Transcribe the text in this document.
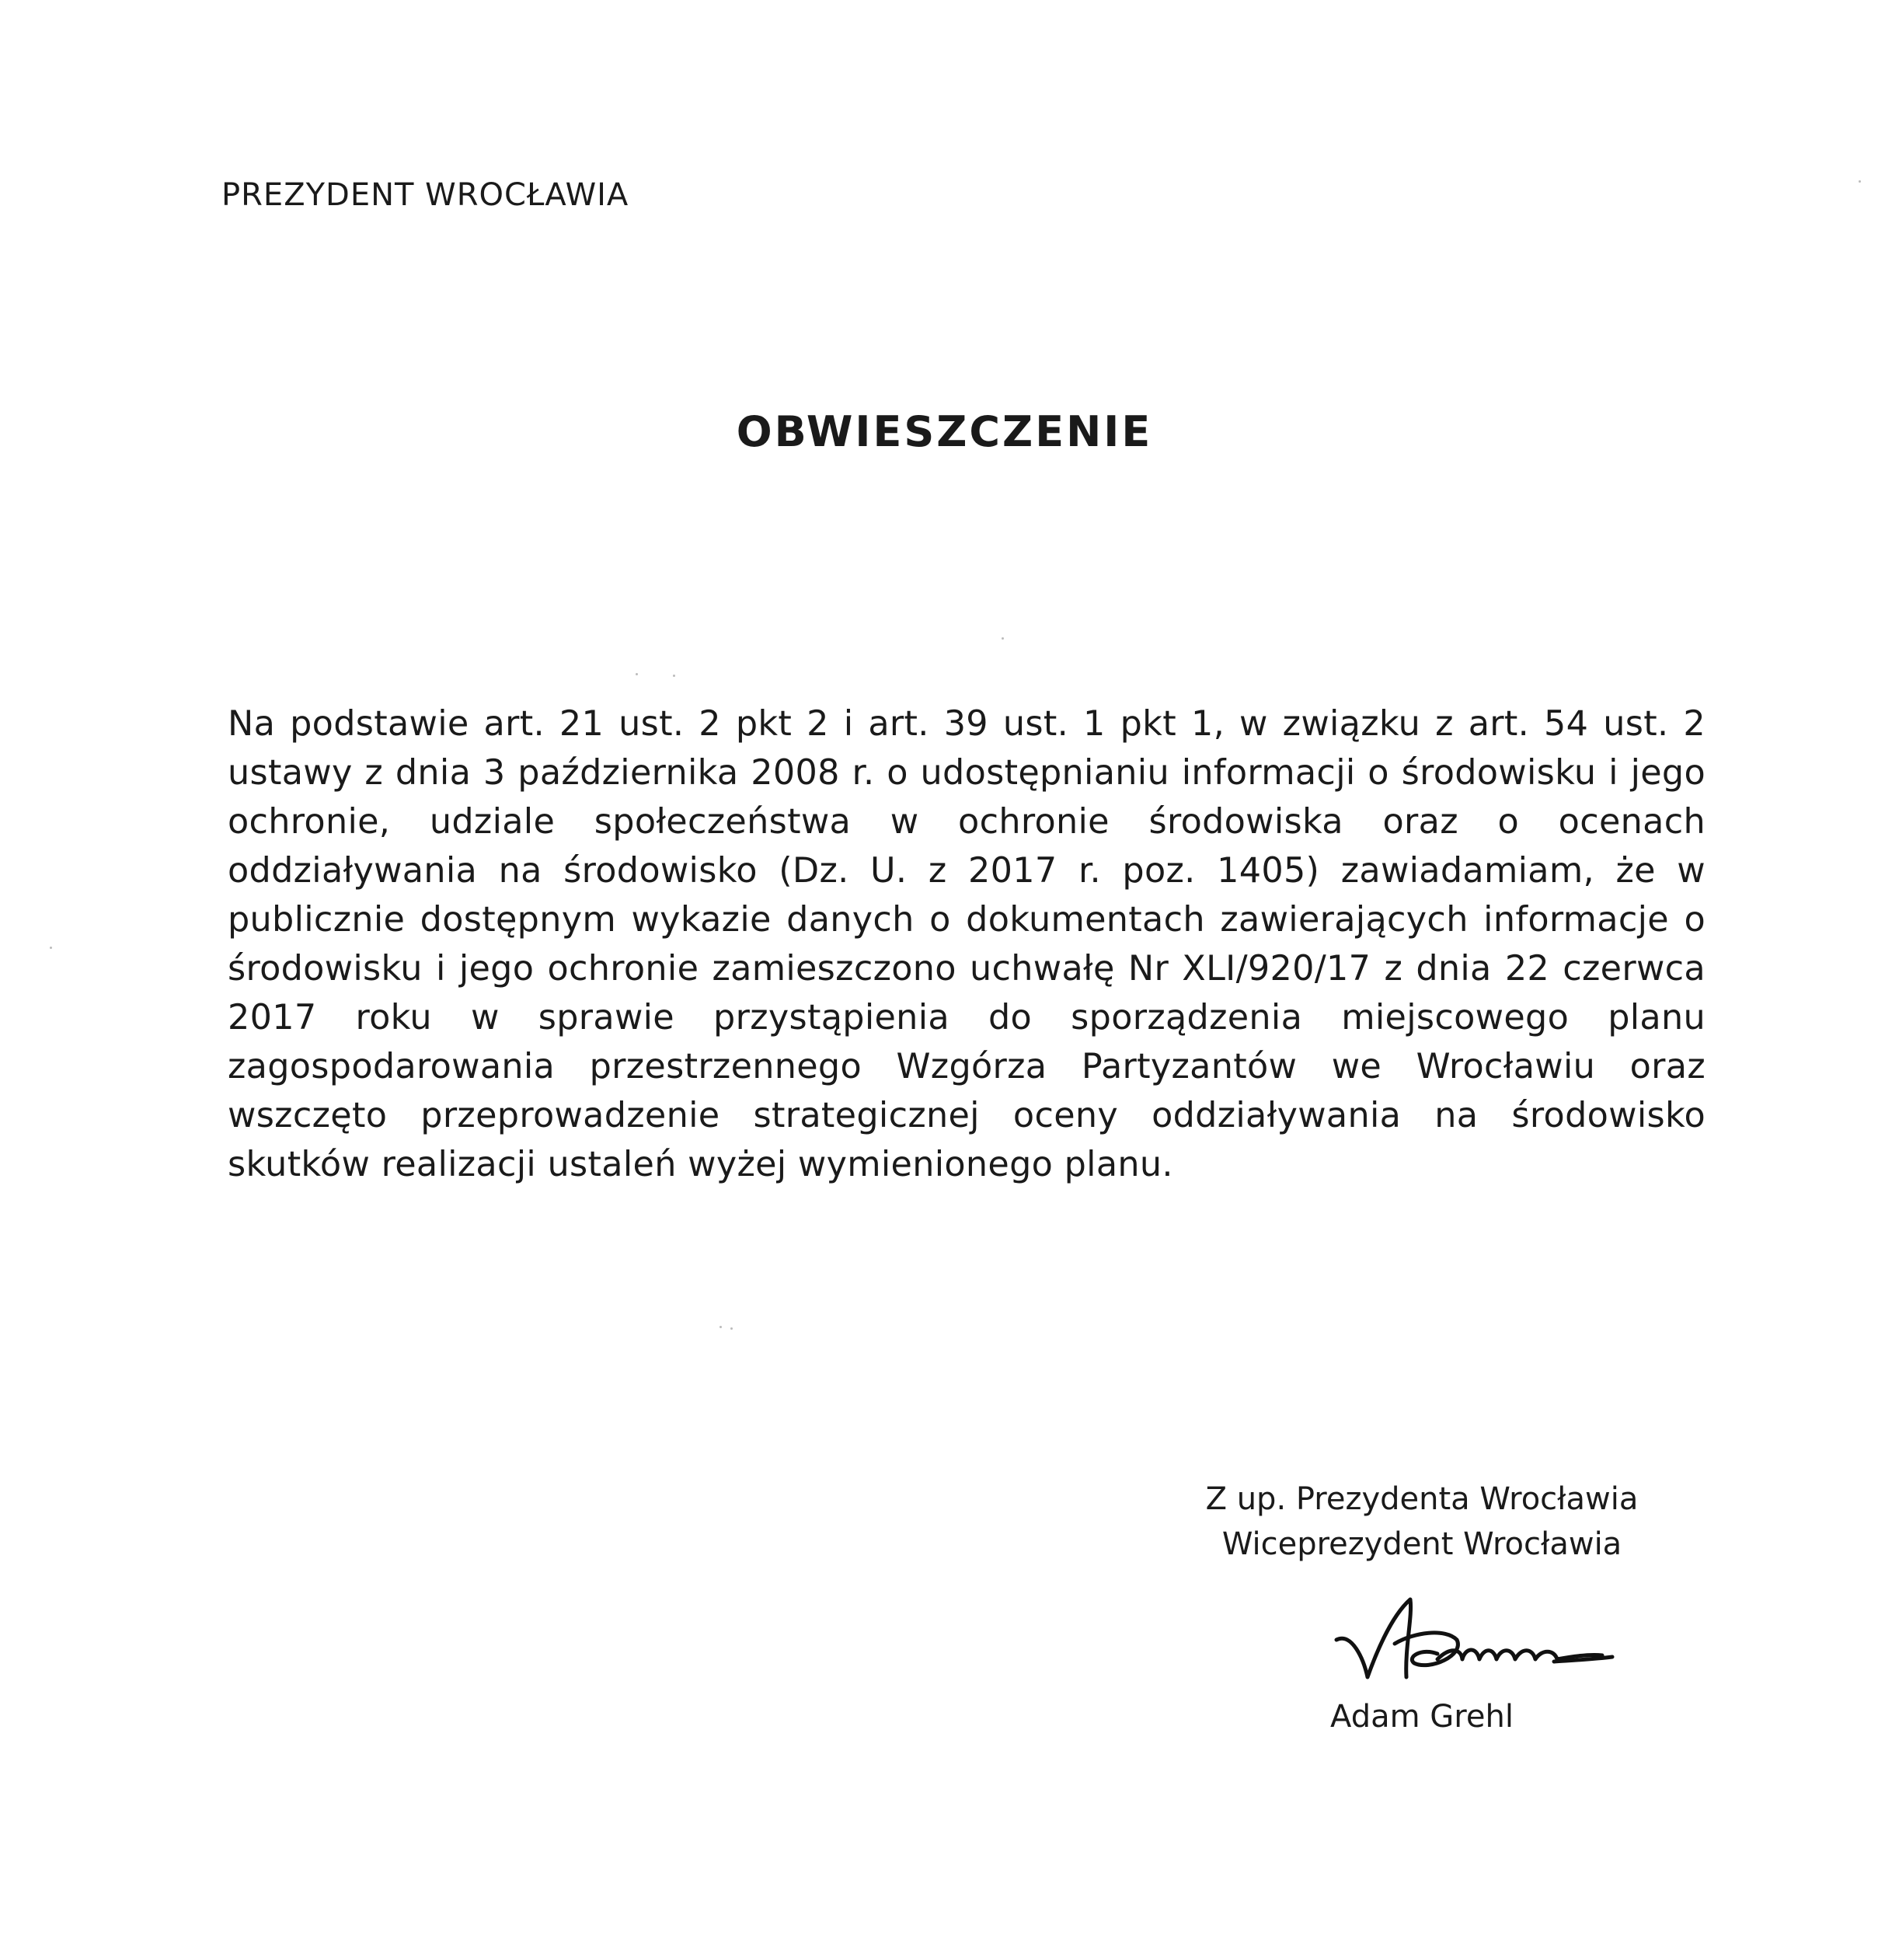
PREZYDENT WROCŁAWIA
OBWIESZCZENIE
Na podstawie art. 21 ust. 2 pkt 2 i art. 39 ust. 1 pkt 1, w związku z art. 54 ust. 2 ustawy z dnia 3 października 2008 r. o udostępnianiu informacji o środowisku i jego ochronie, udziale społeczeństwa w ochronie środowiska oraz o ocenach oddziaływania na środowisko (Dz. U. z 2017 r. poz. 1405) zawiadamiam, że w publicznie dostępnym wykazie danych o dokumentach zawierających informacje o środowisku i jego ochronie zamieszczono uchwałę Nr XLI/920/17 z dnia 22 czerwca 2017 roku w sprawie przystąpienia do sporządzenia miejscowego planu zagospodarowania przestrzennego Wzgórza Partyzantów we Wrocławiu oraz wszczęto przeprowadzenie strategicznej oceny oddziaływania na środowisko skutków realizacji ustaleń wyżej wymienionego planu.
Z up. Prezydenta Wrocławia
Wiceprezydent Wrocławia
Adam Grehl
